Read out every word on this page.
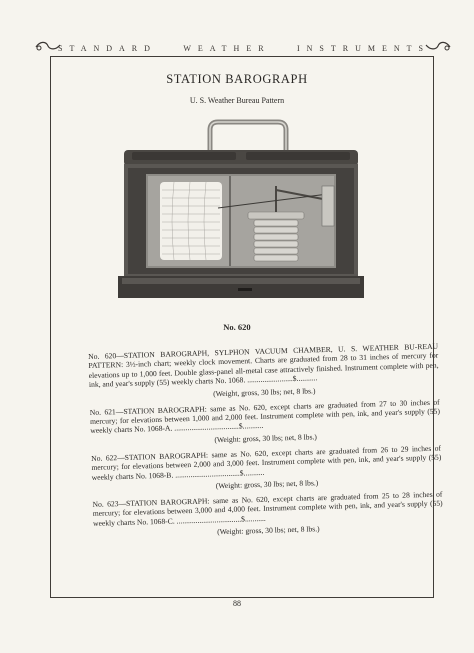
STANDARD	WEATHER	INSTRUMENTS
STATION BAROGRAPH
U. S. Weather Bureau Pattern
No. 620

No. 620—STATION BAROGRAPH, SYLPHON VACUUM CHAMBER, U. S. WEATHER BU-REAU PATTERN: 3½-inch chart; weekly clock movement. Charts are graduated from 28 to 31 inches of mercury for elevations up to 1,000 feet. Double glass-panel all-metal case attractively finished. Instrument complete with pen, ink, and year's supply (55) weekly charts No. 1068. ........................$...........

(Weight, gross, 30 lbs; net, 8 lbs.)

No. 621—STATION BAROGRAPH: same as No. 620, except charts are graduated from 27 to 30 inches of mercury; for elevations between 1,000 and 2,000 feet. Instrument complete with pen, ink, and year's supply (55) weekly charts No. 1068-A. ..................................$...........

(Weight: gross, 30 lbs; net, 8 lbs.)

No. 622—STATION BAROGRAPH: same as No. 620, except charts are graduated from 26 to 29 inches of mercury; for elevations between 2,000 and 3,000 feet. Instrument complete with pen, ink, and year's supply (55) weekly charts No. 1068-B. ..................................$...........

(Weight: gross, 30 lbs; net, 8 lbs.)

No. 623—STATION BAROGRAPH: same as No. 620, except charts are graduated from 25 to 28 inches of mercury; for elevations between 3,000 and 4,000 feet. Instrument complete with pen, ink, and year's supply (55) weekly charts No. 1068-C. ..................................$...........

(Weight: gross, 30 lbs; net, 8 lbs.)
88
